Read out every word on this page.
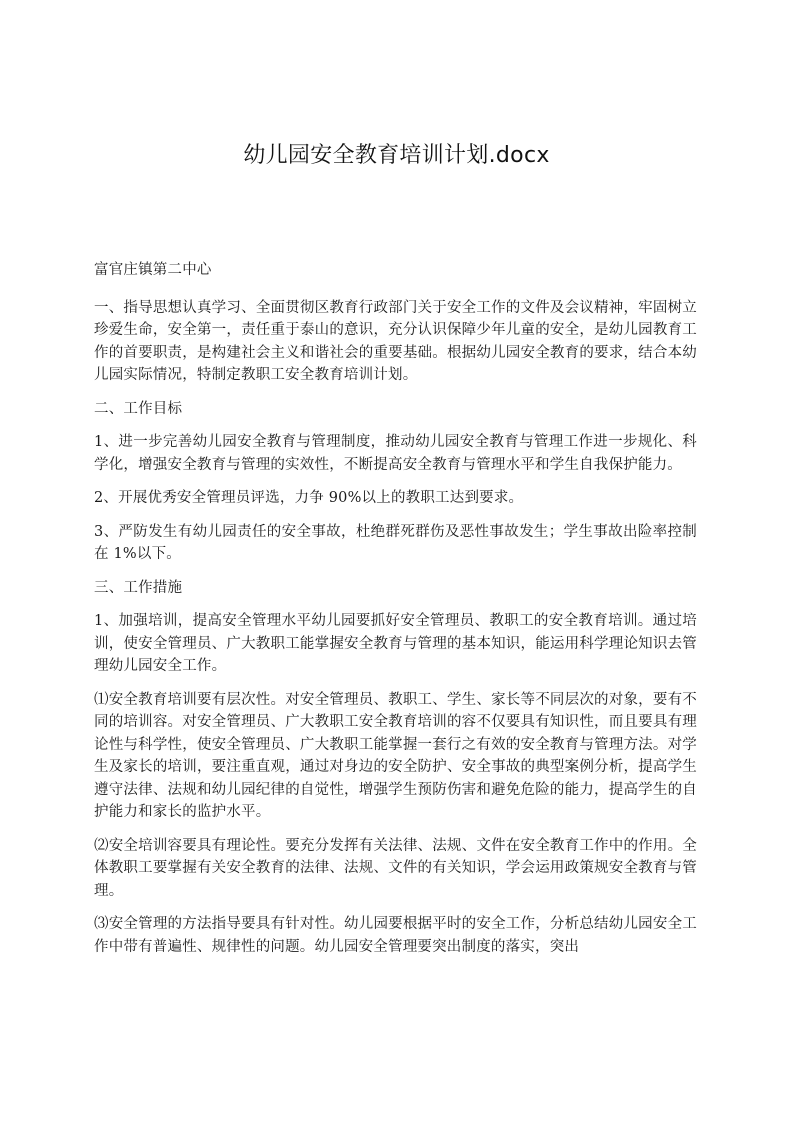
幼儿园安全教育培训计划.docx

富官庄镇第二中心

一、指导思想认真学习、全面贯彻区教育行政部门关于安全工作的文件及会议精神，牢固树立珍爱生命，安全第一，责任重于泰山的意识，充分认识保障少年儿童的安全，是幼儿园教育工作的首要职责，是构建社会主义和谐社会的重要基础。根据幼儿园安全教育的要求，结合本幼儿园实际情况，特制定教职工安全教育培训计划。

二、工作目标

1、进一步完善幼儿园安全教育与管理制度，推动幼儿园安全教育与管理工作进一步规化、科学化，增强安全教育与管理的实效性，不断提高安全教育与管理水平和学生自我保护能力。

2、开展优秀安全管理员评选，力争 90%以上的教职工达到要求。

3、严防发生有幼儿园责任的安全事故，杜绝群死群伤及恶性事故发生；学生事故出险率控制在 1%以下。

三、工作措施

1、加强培训，提高安全管理水平幼儿园要抓好安全管理员、教职工的安全教育培训。通过培训，使安全管理员、广大教职工能掌握安全教育与管理的基本知识，能运用科学理论知识去管理幼儿园安全工作。

⑴安全教育培训要有层次性。对安全管理员、教职工、学生、家长等不同层次的对象，要有不同的培训容。对安全管理员、广大教职工安全教育培训的容不仅要具有知识性，而且要具有理论性与科学性，使安全管理员、广大教职工能掌握一套行之有效的安全教育与管理方法。对学生及家长的培训，要注重直观，通过对身边的安全防护、安全事故的典型案例分析，提高学生遵守法律、法规和幼儿园纪律的自觉性，增强学生预防伤害和避免危险的能力，提高学生的自护能力和家长的监护水平。

⑵安全培训容要具有理论性。要充分发挥有关法律、法规、文件在安全教育工作中的作用。全体教职工要掌握有关安全教育的法律、法规、文件的有关知识，学会运用政策规安全教育与管理。

⑶安全管理的方法指导要具有针对性。幼儿园要根据平时的安全工作，分析总结幼儿园安全工作中带有普遍性、规律性的问题。幼儿园安全管理要突出制度的落实，突出
